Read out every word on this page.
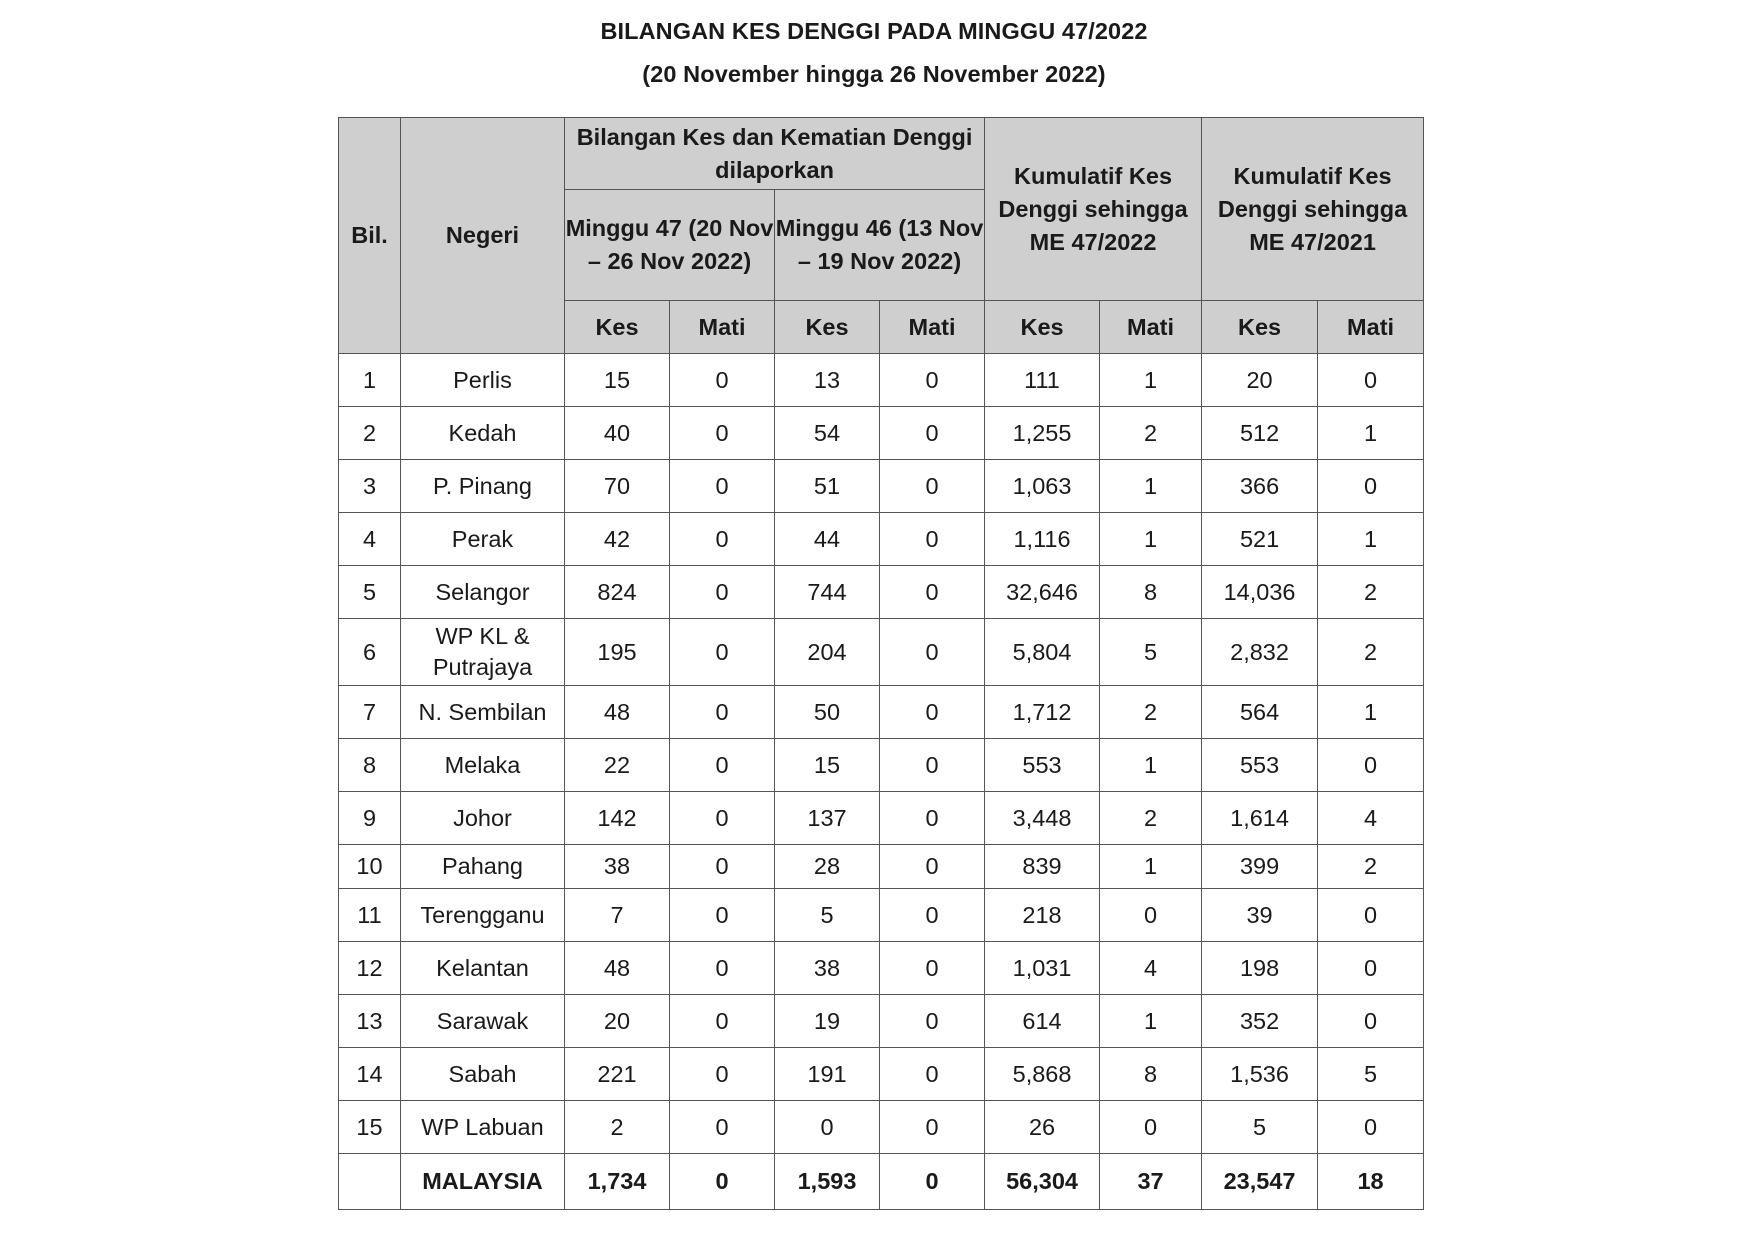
BILANGAN KES DENGGI PADA MINGGU 47/2022
(20 November hingga 26 November 2022)
Bil.	Negeri	Bilangan Kes dan Kematian Denggi dilaporkan				Kumulatif Kes Denggi sehingga ME 47/2022		Kumulatif Kes Denggi sehingga ME 47/2021	
		Minggu 47 (20 Nov – 26 Nov 2022)		Minggu 46 (13 Nov – 19 Nov 2022)					
		Kes	Mati	Kes	Mati	Kes	Mati	Kes	Mati
1	Perlis	15	0	13	0	111	1	20	0
2	Kedah	40	0	54	0	1,255	2	512	1
3	P. Pinang	70	0	51	0	1,063	1	366	0
4	Perak	42	0	44	0	1,116	1	521	1
5	Selangor	824	0	744	0	32,646	8	14,036	2
6	WP KL & Putrajaya	195	0	204	0	5,804	5	2,832	2
7	N. Sembilan	48	0	50	0	1,712	2	564	1
8	Melaka	22	0	15	0	553	1	553	0
9	Johor	142	0	137	0	3,448	2	1,614	4
10	Pahang	38	0	28	0	839	1	399	2
11	Terengganu	7	0	5	0	218	0	39	0
12	Kelantan	48	0	38	0	1,031	4	198	0
13	Sarawak	20	0	19	0	614	1	352	0
14	Sabah	221	0	191	0	5,868	8	1,536	5
15	WP Labuan	2	0	0	0	26	0	5	0
	MALAYSIA	1,734	0	1,593	0	56,304	37	23,547	18
